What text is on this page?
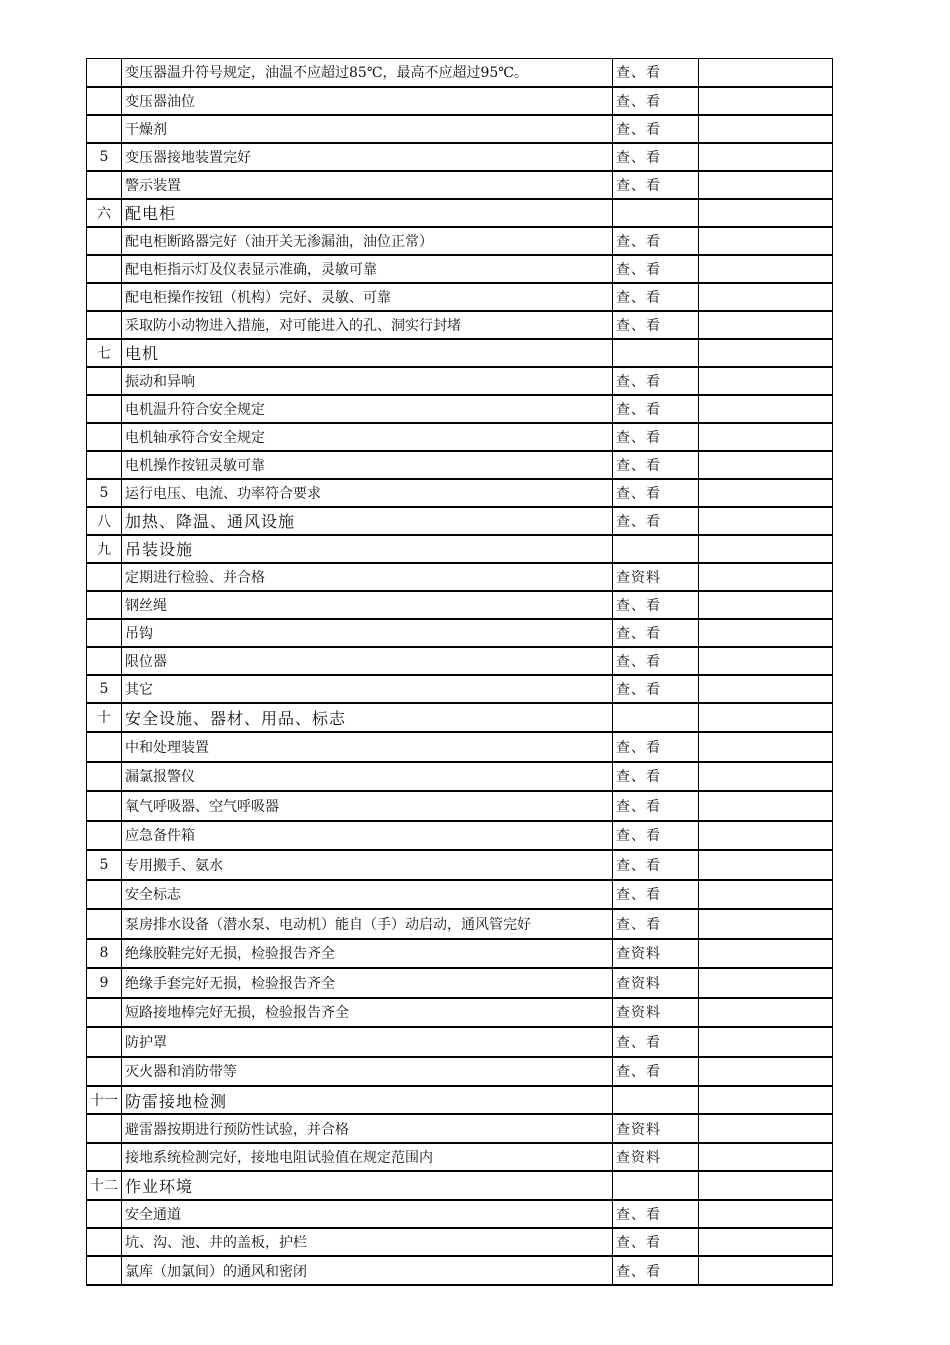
	变压器温升符号规定，油温不应超过85℃，最高不应超过95℃。	查、看	
	变压器油位	查、看	
	干燥剂	查、看	
5	变压器接地装置完好	查、看	
	警示装置	查、看	
六	配电柜		
	配电柜断路器完好（油开关无渗漏油，油位正常）	查、看	
	配电柜指示灯及仪表显示准确，灵敏可靠	查、看	
	配电柜操作按钮（机构）完好、灵敏、可靠	查、看	
	采取防小动物进入措施，对可能进入的孔、洞实行封堵	查、看	
七	电机		
	振动和异响	查、看	
	电机温升符合安全规定	查、看	
	电机轴承符合安全规定	查、看	
	电机操作按钮灵敏可靠	查、看	
5	运行电压、电流、功率符合要求	查、看	
八	加热、降温、通风设施	查、看	
九	吊装设施		
	定期进行检验、并合格	查资料	
	钢丝绳	查、看	
	吊钩	查、看	
	限位器	查、看	
5	其它	查、看	
十	安全设施、器材、用品、标志		
	中和处理装置	查、看	
	漏氯报警仪	查、看	
	氧气呼吸器、空气呼吸器	查、看	
	应急备件箱	查、看	
5	专用搬手、氨水	查、看	
	安全标志	查、看	
	泵房排水设备（潜水泵、电动机）能自（手）动启动，通风管完好	查、看	
8	绝缘胶鞋完好无损，检验报告齐全	查资料	
9	绝缘手套完好无损，检验报告齐全	查资料	
	短路接地棒完好无损，检验报告齐全	查资料	
	防护罩	查、看	
	灭火器和消防带等	查、看	
十一	防雷接地检测		
	避雷器按期进行预防性试验，并合格	查资料	
	接地系统检测完好，接地电阻试验值在规定范围内	查资料	
十二	作业环境		
	安全通道	查、看	
	坑、沟、池、井的盖板，护栏	查、看	
	氯库（加氯间）的通风和密闭	查、看	
